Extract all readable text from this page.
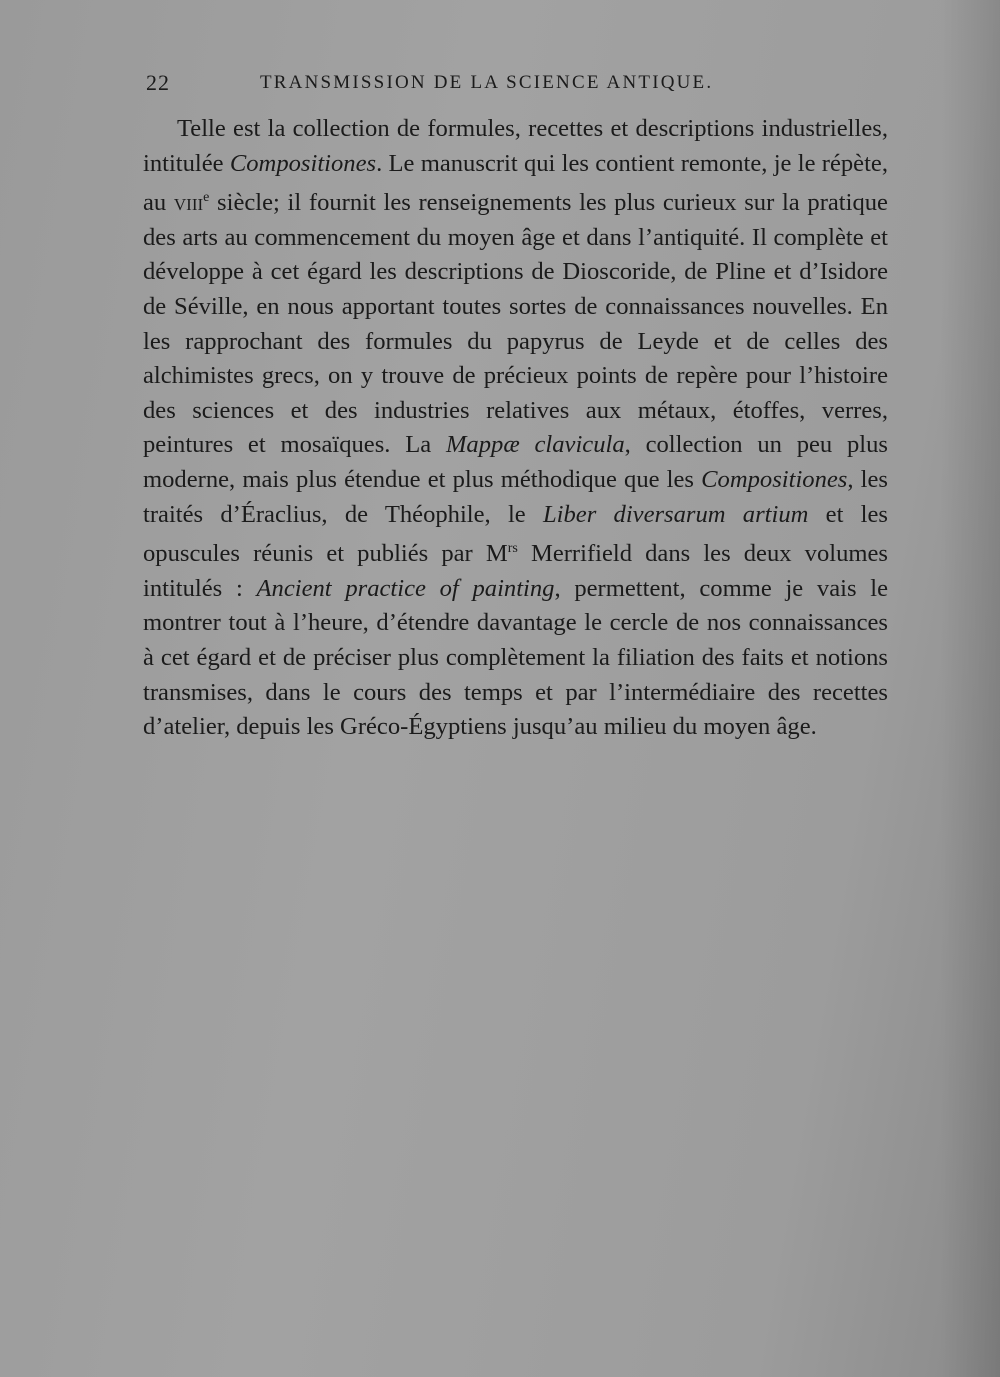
22	TRANSMISSION DE LA SCIENCE ANTIQUE.

Telle est la collection de formules, recettes et descriptions industrielles, intitulée Compositiones. Le manuscrit qui les contient remonte, je le répète, au viii$^e$ siècle; il fournit les renseignements les plus curieux sur la pratique des arts au commencement du moyen âge et dans l’antiquité. Il complète et développe à cet égard les descriptions de Dioscoride, de Pline et d’Isidore de Séville, en nous apportant toutes sortes de connaissances nouvelles. En les rapprochant des formules du papyrus de Leyde et de celles des alchimistes grecs, on y trouve de précieux points de repère pour l’histoire des sciences et des industries relatives aux métaux, étoffes, verres, peintures et mosaïques. La Mappæ clavicula, collection un peu plus moderne, mais plus étendue et plus méthodique que les Compositiones, les traités d’Éraclius, de Théophile, le Liber diversarum artium et les opuscules réunis et publiés par $M^{rs}$ Merrifield dans les deux volumes intitulés : Ancient practice of painting, permettent, comme je vais le montrer tout à l’heure, d’étendre davantage le cercle de nos connaissances à cet égard et de préciser plus complètement la filiation des faits et notions transmises, dans le cours des temps et par l’intermédiaire des recettes d’atelier, depuis les Gréco-Égyptiens jusqu’au milieu du moyen âge.
